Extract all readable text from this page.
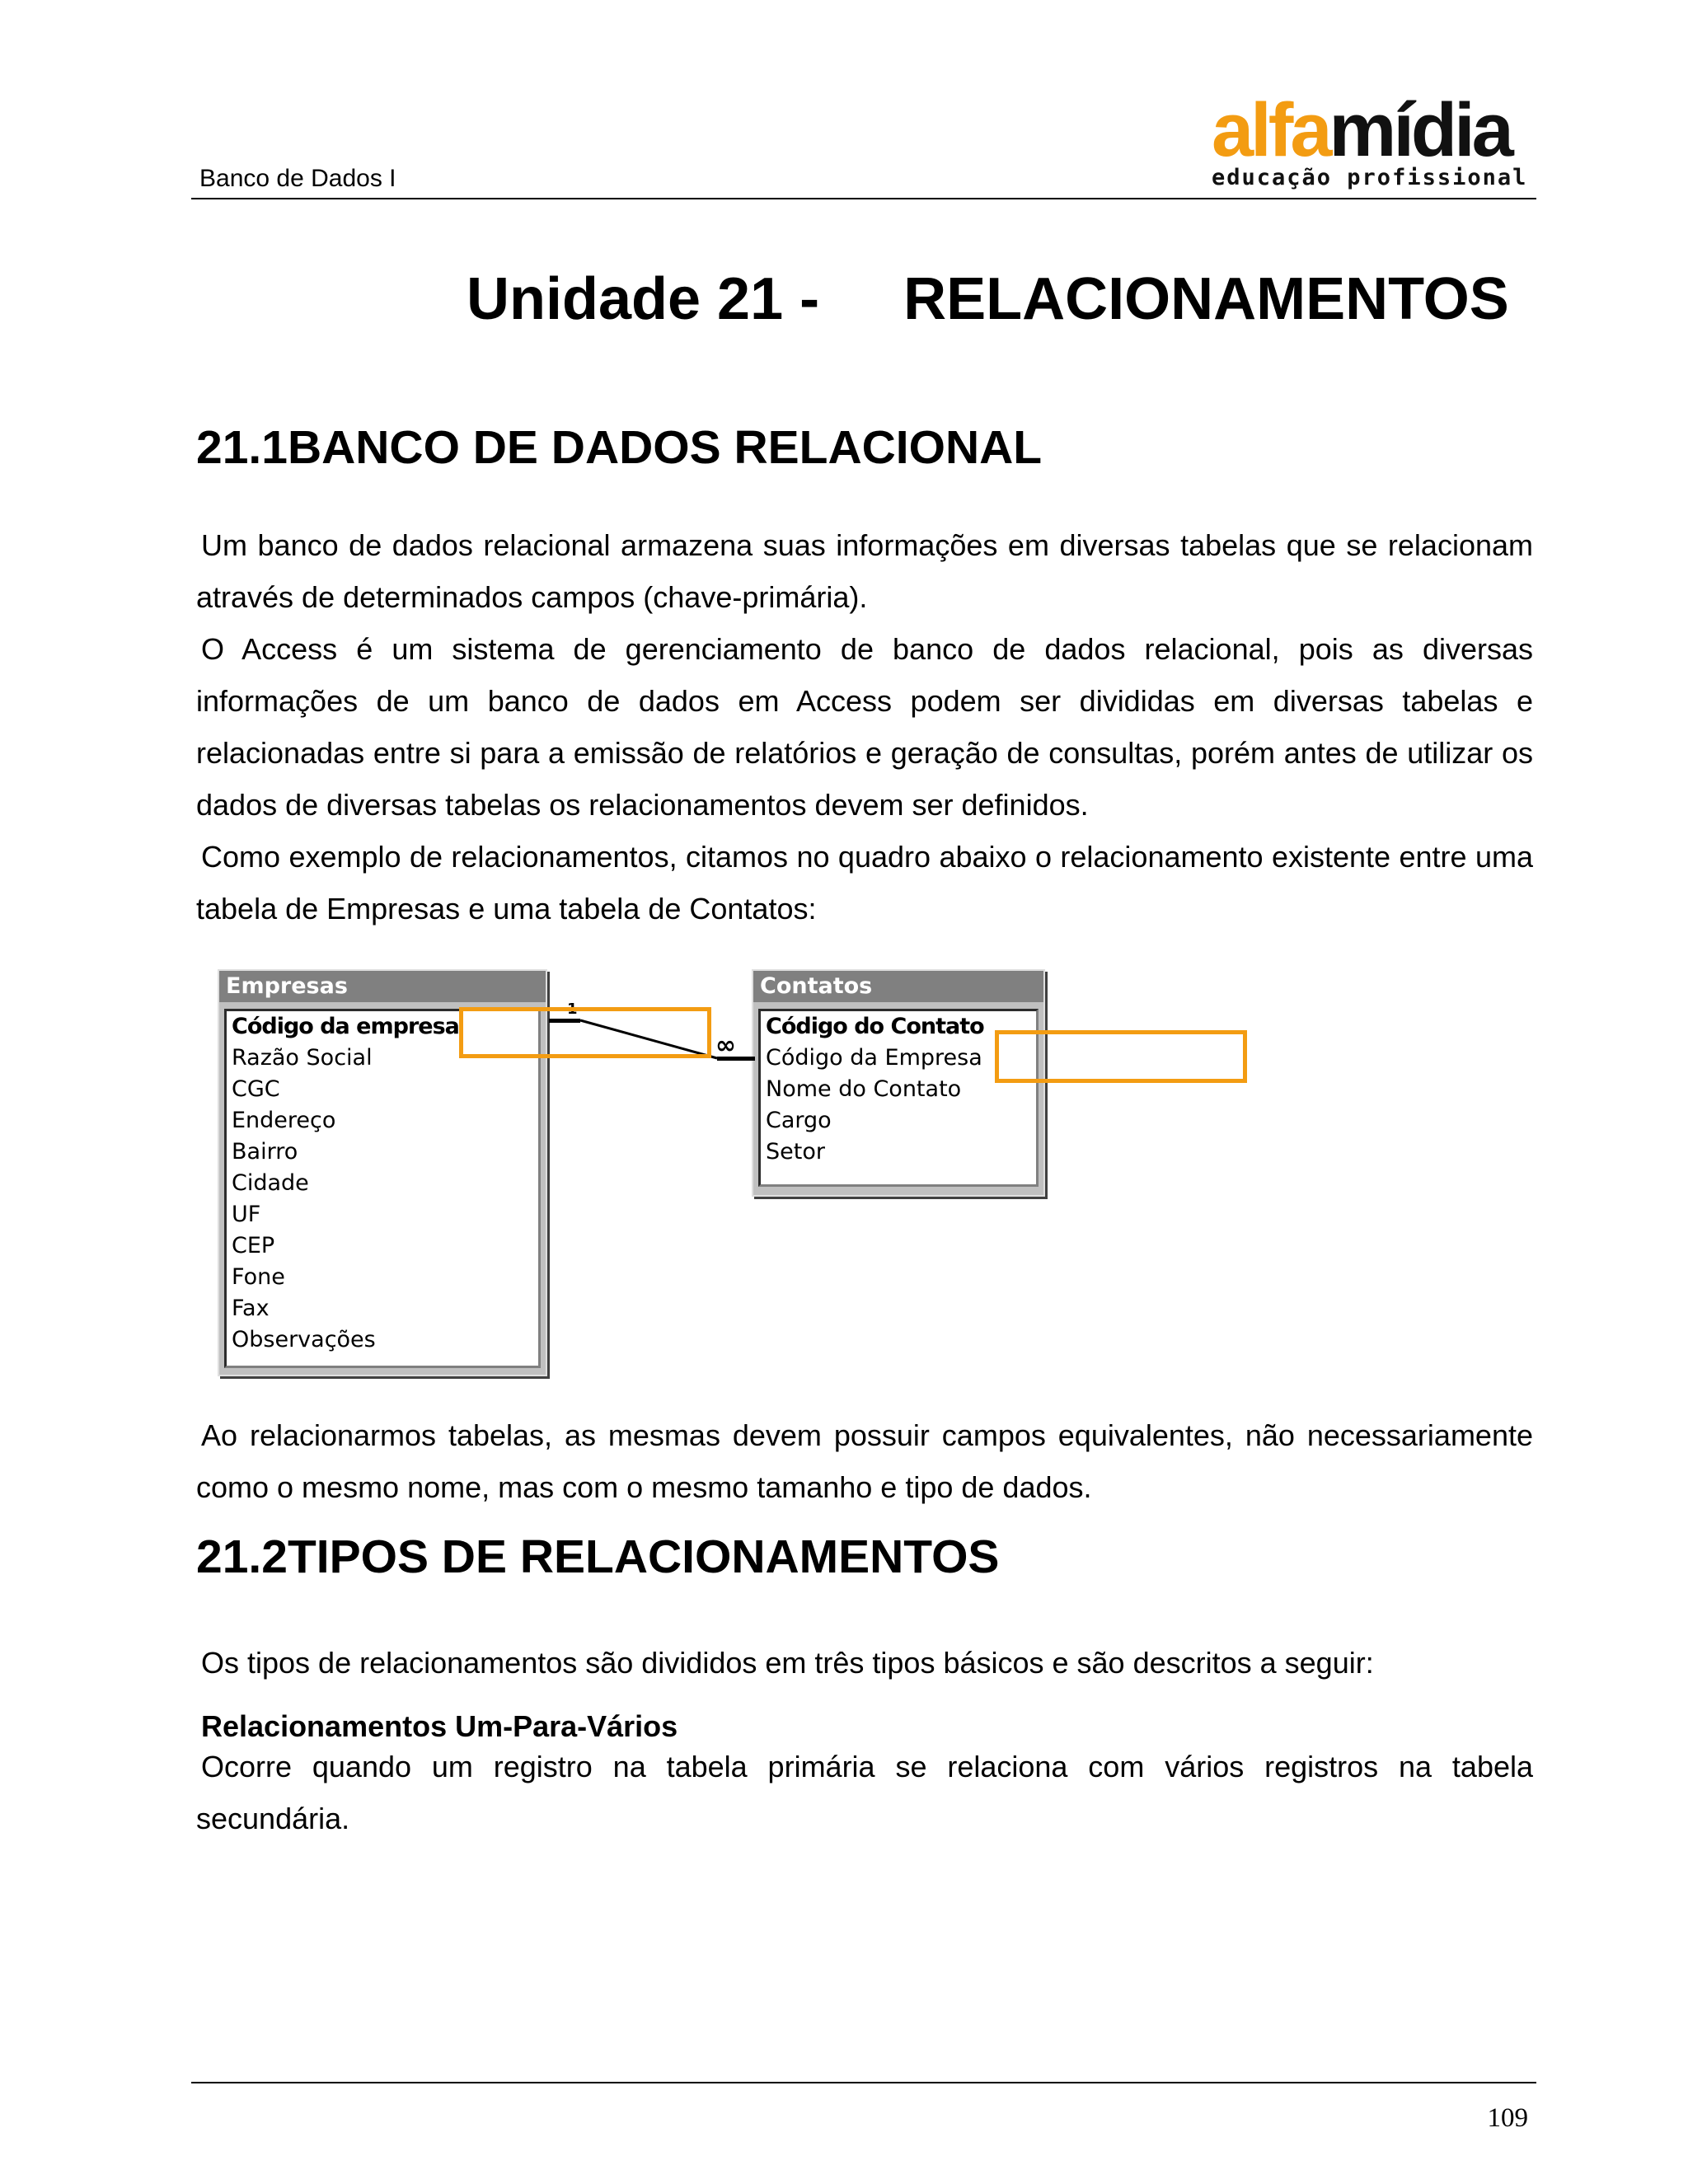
Banco de Dados I
alfamídia
educação profissional
Unidade 21 - RELACIONAMENTOS
21.1BANCO DE DADOS RELACIONAL
Um banco de dados relacional armazena suas informações em diversas tabelas que se relacionam através de determinados campos (chave-primária).
O Access é um sistema de gerenciamento de banco de dados relacional, pois as diversas informações de um banco de dados em Access podem ser divididas em diversas tabelas e relacionadas entre si para a emissão de relatórios e geração de consultas, porém antes de utilizar os dados de diversas tabelas os relacionamentos devem ser definidos.
Como exemplo de relacionamentos, citamos no quadro abaixo o relacionamento existente entre uma tabela de Empresas e uma tabela de Contatos:
Empresas
Código da empresa
Razão Social
CGC
Endereço
Bairro
Cidade
UF
CEP
Fone
Fax
Observações
Contatos
Código do Contato
Código da Empresa
Nome do Contato
Cargo
Setor
1
∞
Ao relacionarmos tabelas, as mesmas devem possuir campos equivalentes, não necessariamente como o mesmo nome, mas com o mesmo tamanho e tipo de dados.
21.2TIPOS DE RELACIONAMENTOS
Os tipos de relacionamentos são divididos em três tipos básicos e são descritos a seguir:
Relacionamentos Um-Para-Vários
Ocorre quando um registro na tabela primária se relaciona com vários registros na tabela secundária.
109
